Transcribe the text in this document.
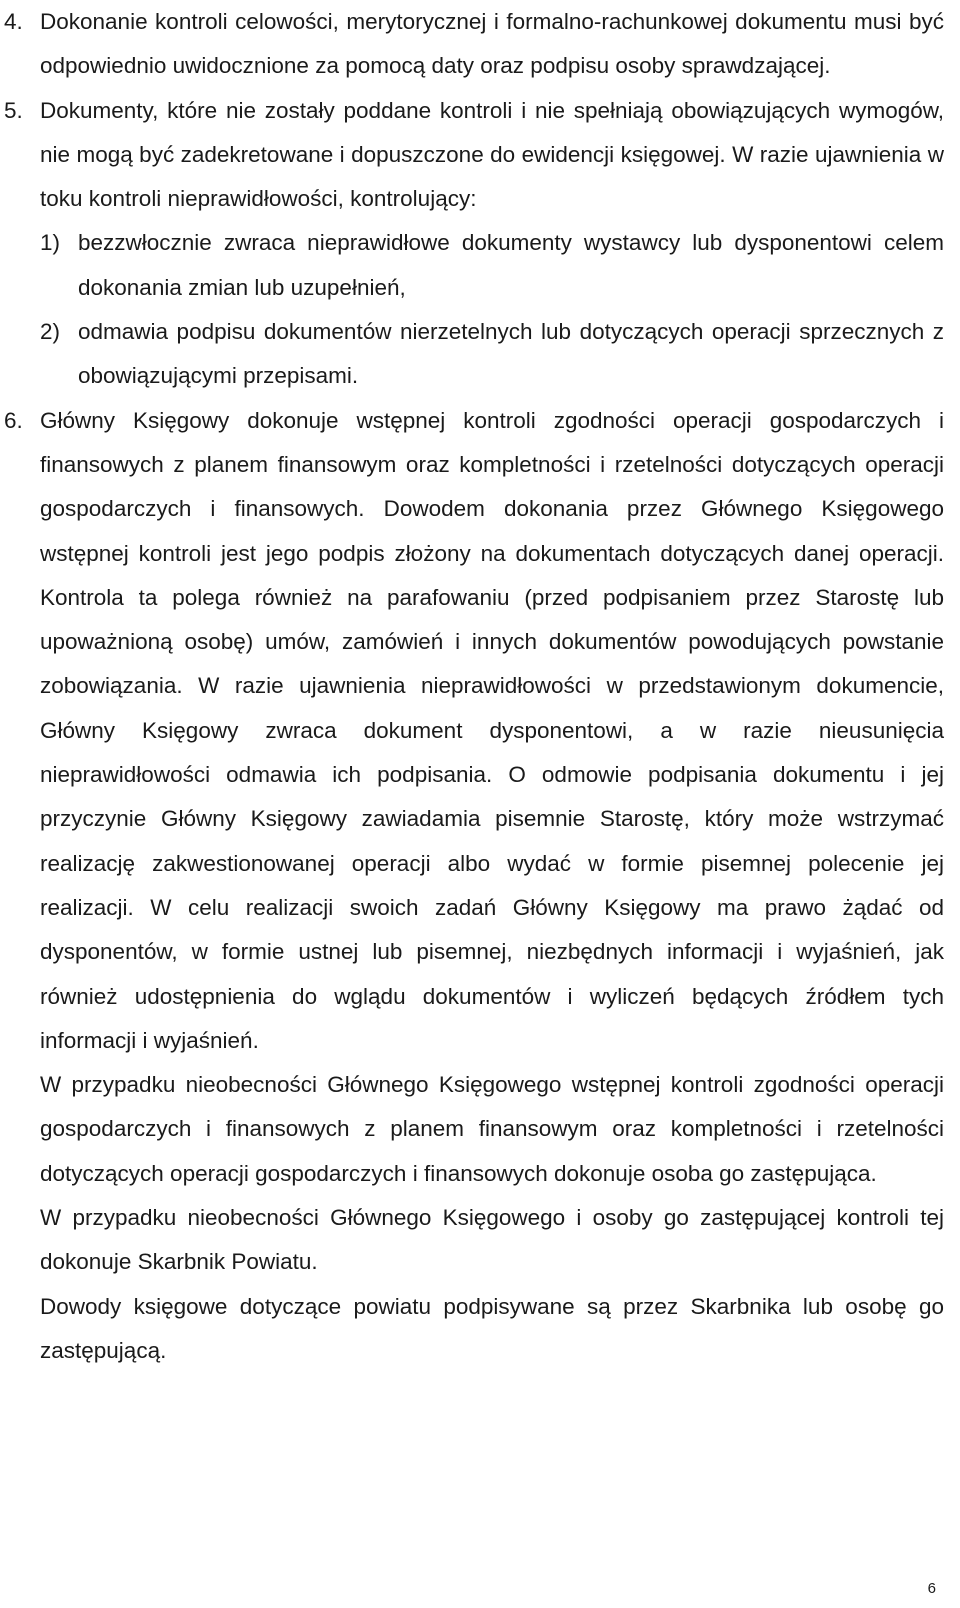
4. Dokonanie kontroli celowości, merytorycznej i formalno-rachunkowej dokumentu musi być odpowiednio uwidocznione za pomocą daty oraz podpisu osoby sprawdzającej.

5. Dokumenty, które nie zostały poddane kontroli i nie spełniają obowiązujących wymogów, nie mogą być zadekretowane i dopuszczone do ewidencji księgowej. W razie ujawnienia w toku kontroli nieprawidłowości, kontrolujący:

1) bezzwłocznie zwraca nieprawidłowe dokumenty wystawcy lub dysponentowi celem dokonania zmian lub uzupełnień,

2) odmawia podpisu dokumentów nierzetelnych lub dotyczących operacji sprzecznych z obowiązującymi przepisami.

6. Główny Księgowy dokonuje wstępnej kontroli zgodności operacji gospodarczych i finansowych z planem finansowym oraz kompletności i rzetelności dotyczących operacji gospodarczych i finansowych. Dowodem dokonania przez Głównego Księgowego wstępnej kontroli jest jego podpis złożony na dokumentach dotyczących danej operacji. Kontrola ta polega również na parafowaniu (przed podpisaniem przez Starostę lub upoważnioną osobę) umów, zamówień i innych dokumentów powodujących powstanie zobowiązania. W razie ujawnienia nieprawidłowości w przedstawionym dokumencie, Główny Księgowy zwraca dokument dysponentowi, a w razie nieusunięcia nieprawidłowości odmawia ich podpisania. O odmowie podpisania dokumentu i jej przyczynie Główny Księgowy zawiadamia pisemnie Starostę, który może wstrzymać realizację zakwestionowanej operacji albo wydać w formie pisemnej polecenie jej realizacji. W celu realizacji swoich zadań Główny Księgowy ma prawo żądać od dysponentów, w formie ustnej lub pisemnej, niezbędnych informacji i wyjaśnień, jak również udostępnienia do wglądu dokumentów i wyliczeń będących źródłem tych informacji i wyjaśnień.

W przypadku nieobecności Głównego Księgowego wstępnej kontroli zgodności operacji gospodarczych i finansowych z planem finansowym oraz kompletności i rzetelności dotyczących operacji gospodarczych i finansowych dokonuje osoba go zastępująca.

W przypadku nieobecności Głównego Księgowego i osoby go zastępującej kontroli tej dokonuje Skarbnik Powiatu.

Dowody księgowe dotyczące powiatu podpisywane są przez Skarbnika lub osobę go zastępującą.

6
